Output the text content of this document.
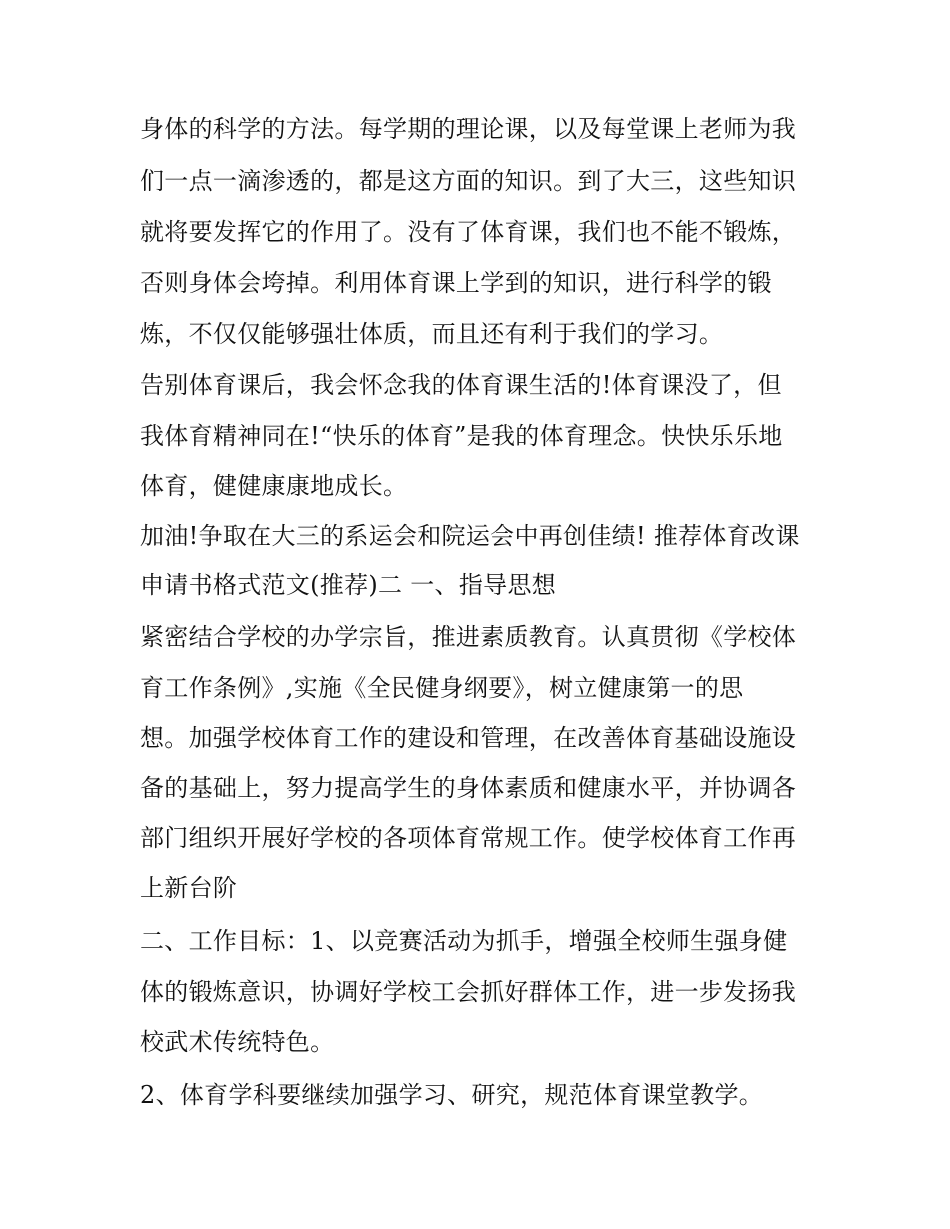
身体的科学的方法。每学期的理论课，以及每堂课上老师为我

们一点一滴渗透的，都是这方面的知识。到了大三，这些知识

就将要发挥它的作用了。没有了体育课，我们也不能不锻炼，

否则身体会垮掉。利用体育课上学到的知识，进行科学的锻

炼，不仅仅能够强壮体质，而且还有利于我们的学习。

告别体育课后，我会怀念我的体育课生活的!体育课没了，但

我体育精神同在!“快乐的体育”是我的体育理念。快快乐乐地

体育，健健康康地成长。

加油!争取在大三的系运会和院运会中再创佳绩! 推荐体育改课

申请书格式范文(推荐)二 一、指导思想

紧密结合学校的办学宗旨，推进素质教育。认真贯彻《学校体

育工作条例》,实施《全民健身纲要》，树立健康第一的思

想。加强学校体育工作的建设和管理，在改善体育基础设施设

备的基础上，努力提高学生的身体素质和健康水平，并协调各

部门组织开展好学校的各项体育常规工作。使学校体育工作再

上新台阶

二、工作目标：1、以竞赛活动为抓手，增强全校师生强身健

体的锻炼意识，协调好学校工会抓好群体工作，进一步发扬我

校武术传统特色。

2、体育学科要继续加强学习、研究，规范体育课堂教学。
